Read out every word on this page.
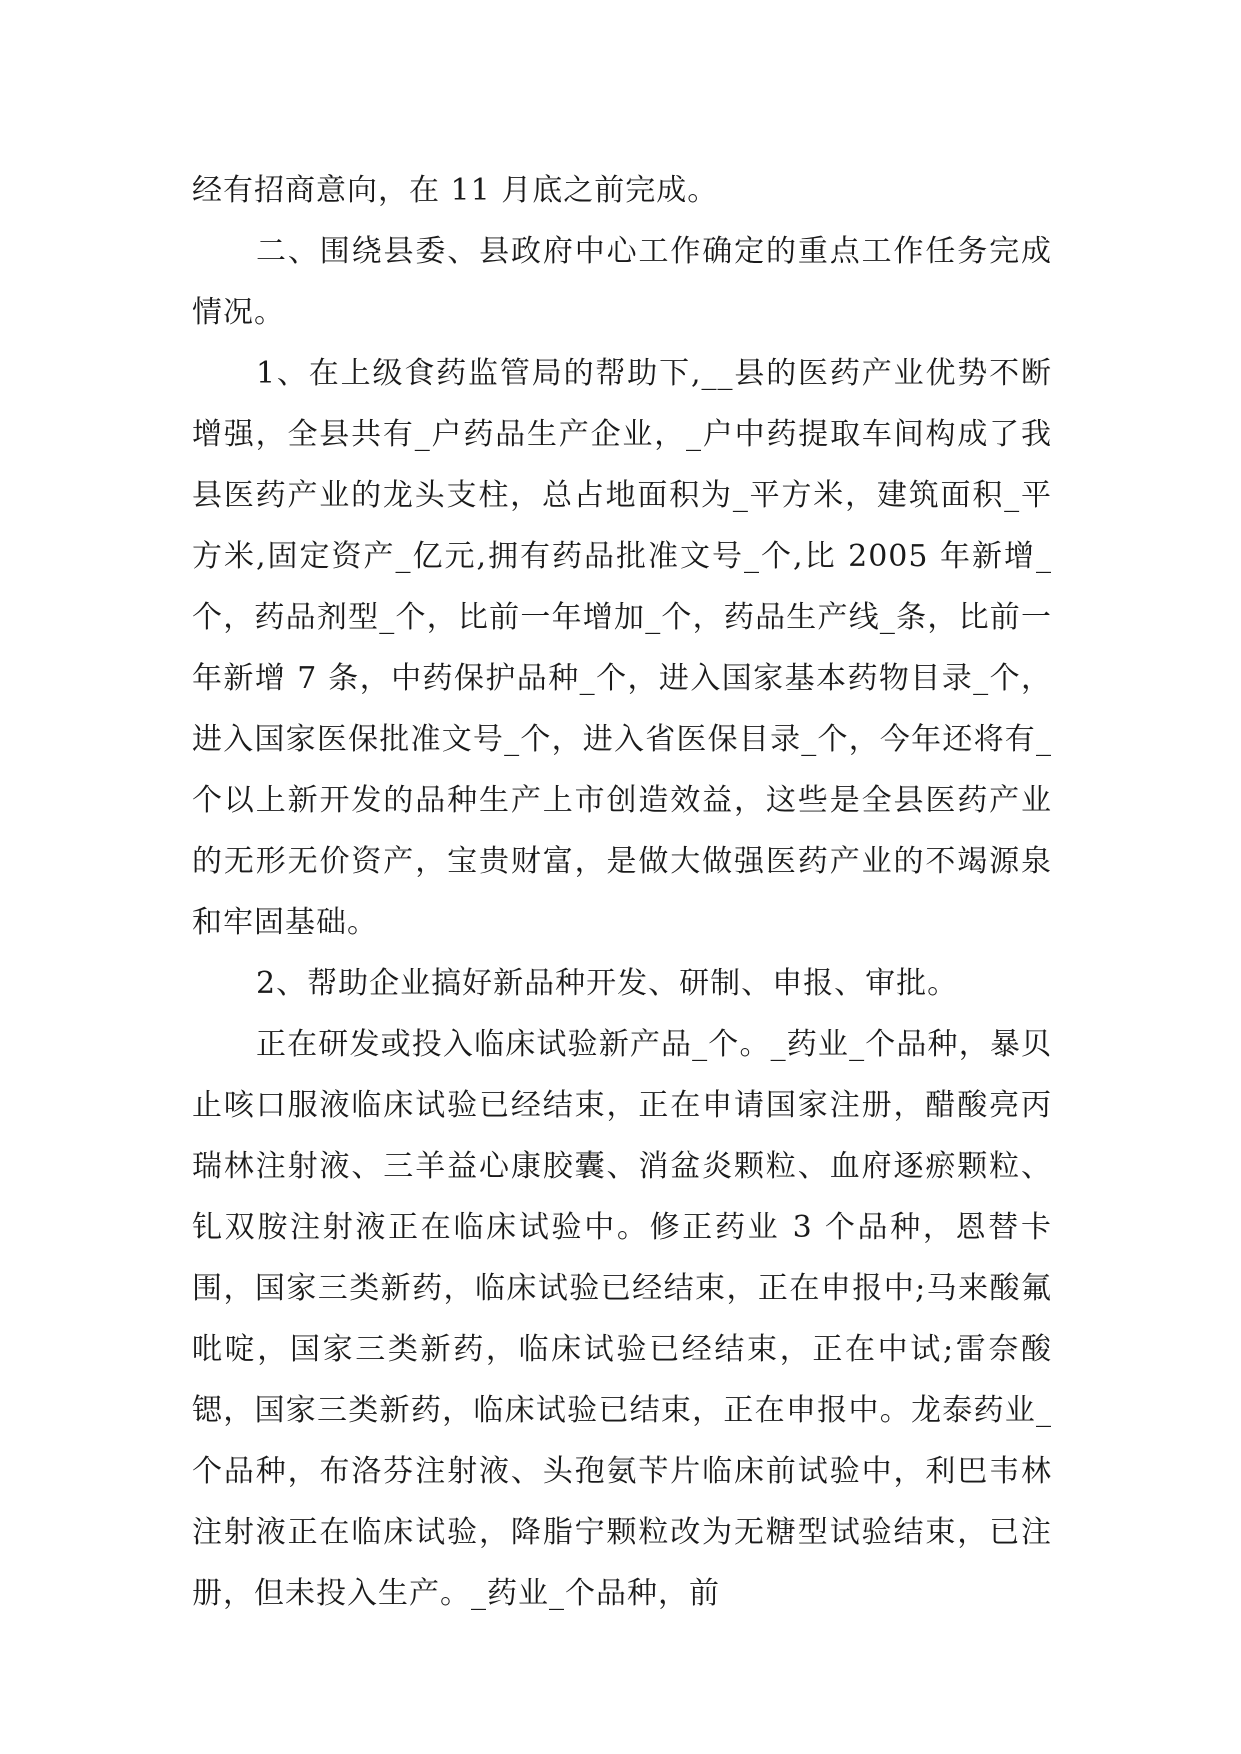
经有招商意向，在 11 月底之前完成。

二、围绕县委、县政府中心工作确定的重点工作任务完成情况。

1、在上级食药监管局的帮助下,__县的医药产业优势不断增强，全县共有_户药品生产企业，_户中药提取车间构成了我县医药产业的龙头支柱，总占地面积为_平方米，建筑面积_平方米,固定资产_亿元,拥有药品批准文号_个,比 2005 年新增_个，药品剂型_个，比前一年增加_个，药品生产线_条，比前一年新增 7 条，中药保护品种_个，进入国家基本药物目录_个，进入国家医保批准文号_个，进入省医保目录_个，今年还将有_个以上新开发的品种生产上市创造效益，这些是全县医药产业的无形无价资产，宝贵财富，是做大做强医药产业的不竭源泉和牢固基础。

2、帮助企业搞好新品种开发、研制、申报、审批。

正在研发或投入临床试验新产品_个。_药业_个品种，暴贝止咳口服液临床试验已经结束，正在申请国家注册，醋酸亮丙瑞林注射液、三羊益心康胶囊、消盆炎颗粒、血府逐瘀颗粒、钆双胺注射液正在临床试验中。修正药业 3 个品种，恩替卡围，国家三类新药，临床试验已经结束，正在申报中;马来酸氟吡啶，国家三类新药，临床试验已经结束，正在中试;雷奈酸锶，国家三类新药，临床试验已结束，正在申报中。龙泰药业_个品种，布洛芬注射液、头孢氨苄片临床前试验中，利巴韦林注射液正在临床试验，降脂宁颗粒改为无糖型试验结束，已注册，但未投入生产。_药业_个品种，前
